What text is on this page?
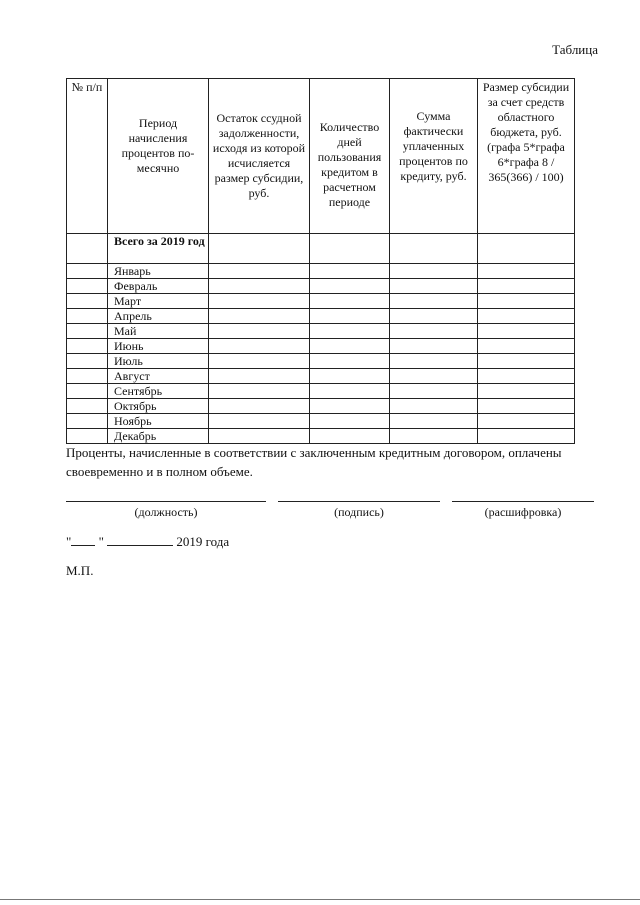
Таблица
№ п/п	Период начисления процентов по-месячно	Остаток ссудной задолженности, исходя из которой исчисляется размер субсидии, руб.	Количество дней пользования кредитом в расчетном периоде	Сумма фактически уплаченных процентов по кредиту, руб.	Размер субсидии за счет средств областного бюджета, руб. (графа 5*графа 6*графа 8 / 365(366) / 100)
	Всего за 2019 год				
	Январь				
	Февраль				
	Март				
	Апрель				
	Май				
	Июнь				
	Июль				
	Август				
	Сентябрь				
	Октябрь				
	Ноябрь				
	Декабрь				
Проценты, начисленные в соответствии с заключенным кредитным договором, оплачены своевременно и в полном объеме.
(должность)	(подпись)	(расшифровка)
" "	2019 года
М.П.
